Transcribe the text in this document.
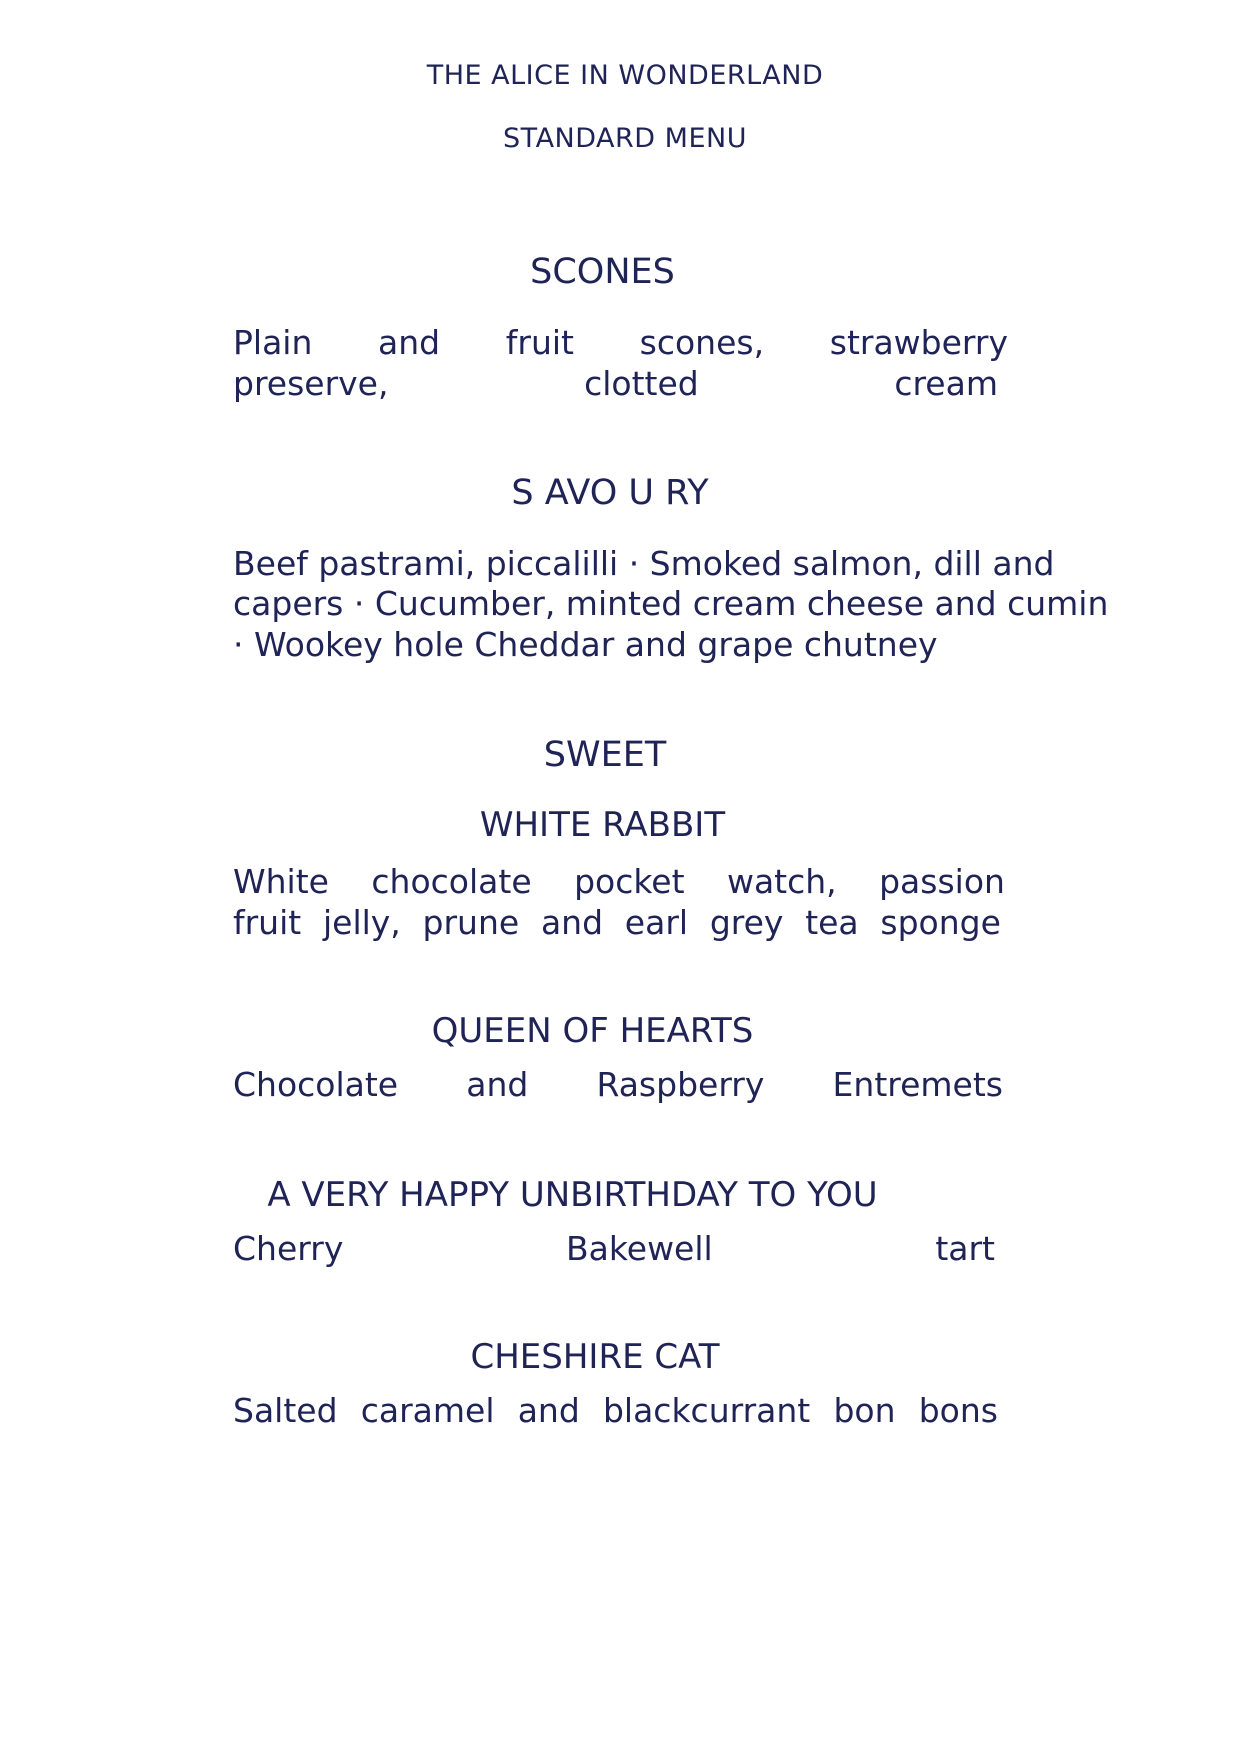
THE ALICE IN WONDERLAND
STANDARD MENU
SCONES
Plain and fruit scones, strawberry
preserve,	clotted	cream
S AVO U RY
Beef pastrami, piccalilli · Smoked salmon, dill and
capers · Cucumber, minted cream cheese and cumin
· Wookey hole Cheddar and grape chutney
SWEET
WHITE RABBIT
White chocolate pocket watch, passion
fruit jelly, prune and earl grey tea sponge
QUEEN OF HEARTS
Chocolate and Raspberry Entremets
A VERY HAPPY UNBIRTHDAY TO YOU
Cherry	Bakewell	tart
CHESHIRE CAT
Salted caramel and blackcurrant bon bons
